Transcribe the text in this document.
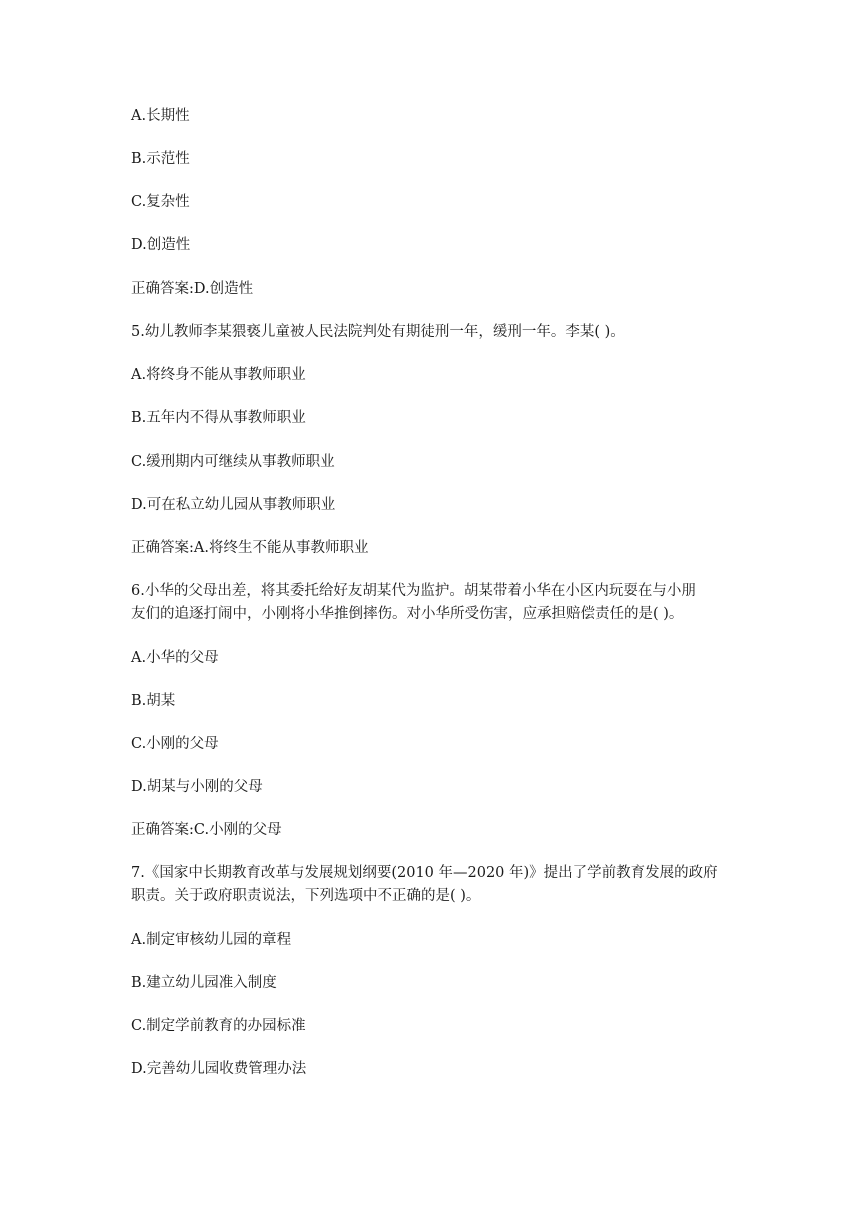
A.长期性
B.示范性
C.复杂性
D.创造性
正确答案:D.创造性
5.幼儿教师李某猥亵儿童被人民法院判处有期徒刑一年，缓刑一年。李某( )。
A.将终身不能从事教师职业
B.五年内不得从事教师职业
C.缓刑期内可继续从事教师职业
D.可在私立幼儿园从事教师职业
正确答案:A.将终生不能从事教师职业
6.小华的父母出差，将其委托给好友胡某代为监护。胡某带着小华在小区内玩耍在与小朋
友们的追逐打闹中，小刚将小华推倒摔伤。对小华所受伤害，应承担赔偿责任的是( )。
A.小华的父母
B.胡某
C.小刚的父母
D.胡某与小刚的父母
正确答案:C.小刚的父母
7.《国家中长期教育改革与发展规划纲要(2010 年—2020 年)》提出了学前教育发展的政府
职责。关于政府职责说法，下列选项中不正确的是( )。
A.制定审核幼儿园的章程
B.建立幼儿园准入制度
C.制定学前教育的办园标准
D.完善幼儿园收费管理办法
